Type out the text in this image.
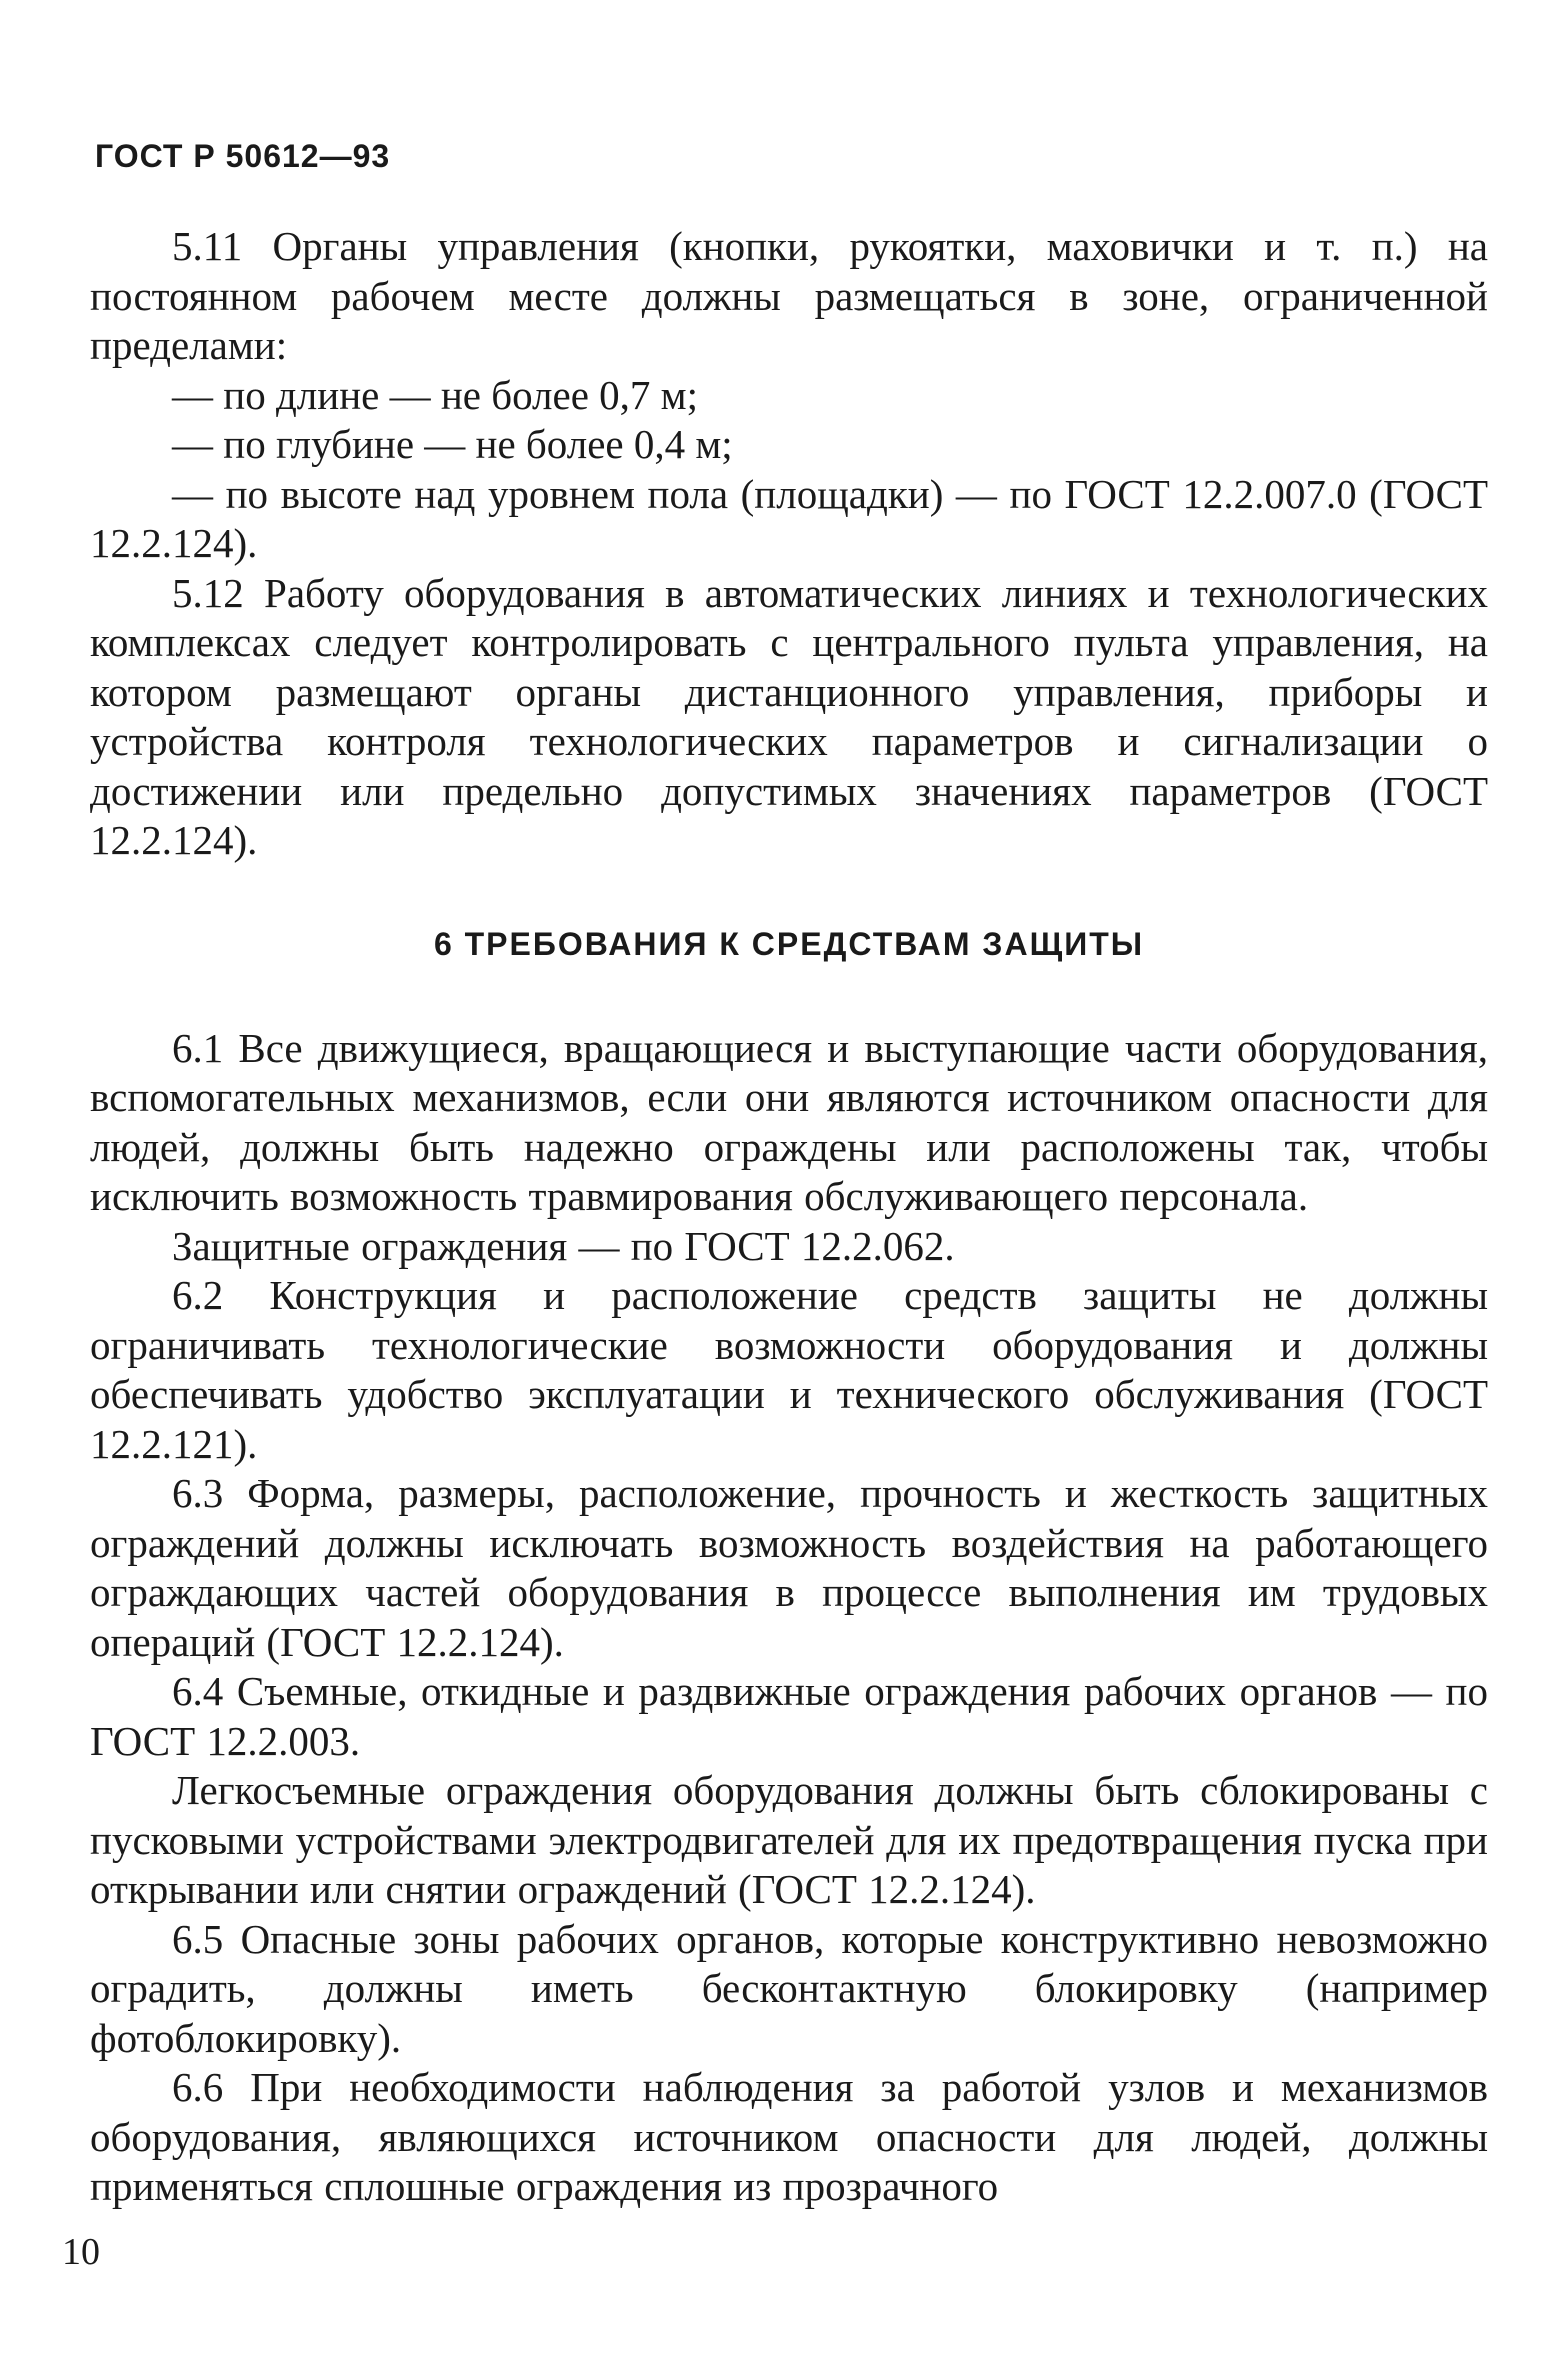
ГОСТ Р 50612—93

5.11 Органы управления (кнопки, рукоятки, маховички и т. п.) на постоянном рабочем месте должны размещаться в зоне, ограниченной пределами:

— по длине — не более 0,7 м;

— по глубине — не более 0,4 м;

— по высоте над уровнем пола (площадки) — по ГОСТ 12.2.007.0 (ГОСТ 12.2.124).

5.12 Работу оборудования в автоматических линиях и технологических комплексах следует контролировать с центрального пульта управления, на котором размещают органы дистанционного управления, приборы и устройства контроля технологических параметров и сигнализации о достижении или предельно допустимых значениях параметров (ГОСТ 12.2.124).

6 ТРЕБОВАНИЯ К СРЕДСТВАМ ЗАЩИТЫ

6.1 Все движущиеся, вращающиеся и выступающие части оборудования, вспомогательных механизмов, если они являются источником опасности для людей, должны быть надежно ограждены или расположены так, чтобы исключить возможность травмирования обслуживающего персонала.

Защитные ограждения — по ГОСТ 12.2.062.

6.2 Конструкция и расположение средств защиты не должны ограничивать технологические возможности оборудования и должны обеспечивать удобство эксплуатации и технического обслуживания (ГОСТ 12.2.121).

6.3 Форма, размеры, расположение, прочность и жесткость защитных ограждений должны исключать возможность воздействия на работающего ограждающих частей оборудования в процессе выполнения им трудовых операций (ГОСТ 12.2.124).

6.4 Съемные, откидные и раздвижные ограждения рабочих органов — по ГОСТ 12.2.003.

Легкосъемные ограждения оборудования должны быть сблокированы с пусковыми устройствами электродвигателей для их предотвращения пуска при открывании или снятии ограждений (ГОСТ 12.2.124).

6.5 Опасные зоны рабочих органов, которые конструктивно невозможно оградить, должны иметь бесконтактную блокировку (например фотоблокировку).

6.6 При необходимости наблюдения за работой узлов и механизмов оборудования, являющихся источником опасности для людей, должны применяться сплошные ограждения из прозрачного

10
